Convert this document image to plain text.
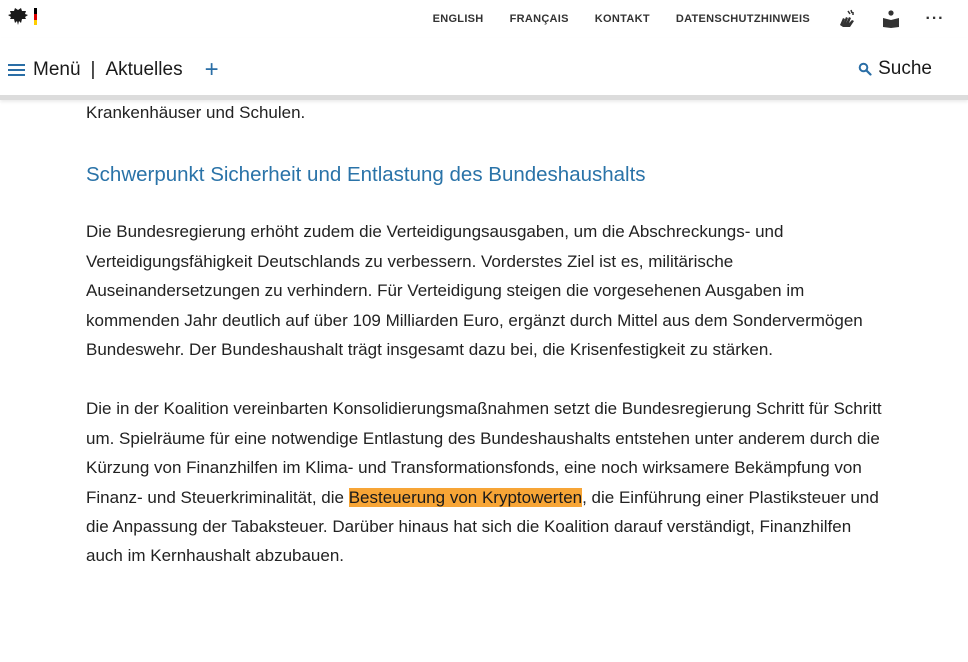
ENGLISH FRANÇAIS KONTAKT DATENSCHUTZHINWEIS	···
Menü | Aktuelles +	Suche

Krankenhäuser und Schulen.

Schwerpunkt Sicherheit und Entlastung des Bundeshaushalts

Die Bundesregierung erhöht zudem die Verteidigungsausgaben, um die Abschreckungs- und Verteidigungsfähigkeit Deutschlands zu verbessern. Vorderstes Ziel ist es, militärische Auseinandersetzungen zu verhindern. Für Verteidigung steigen die vorgesehenen Ausgaben im kommenden Jahr deutlich auf über 109 Milliarden Euro, ergänzt durch Mittel aus dem Sondervermögen Bundeswehr. Der Bundeshaushalt trägt insgesamt dazu bei, die Krisenfestigkeit zu stärken.

Die in der Koalition vereinbarten Konsolidierungsmaßnahmen setzt die Bundesregierung Schritt für Schritt um. Spielräume für eine notwendige Entlastung des Bundeshaushalts entstehen unter anderem durch die Kürzung von Finanzhilfen im Klima- und Transformationsfonds, eine noch wirksamere Bekämpfung von Finanz- und Steuerkriminalität, die Besteuerung von Kryptowerten, die Einführung einer Plastiksteuer und die Anpassung der Tabaksteuer. Darüber hinaus hat sich die Koalition darauf verständigt, Finanzhilfen auch im Kernhaushalt abzubauen.
